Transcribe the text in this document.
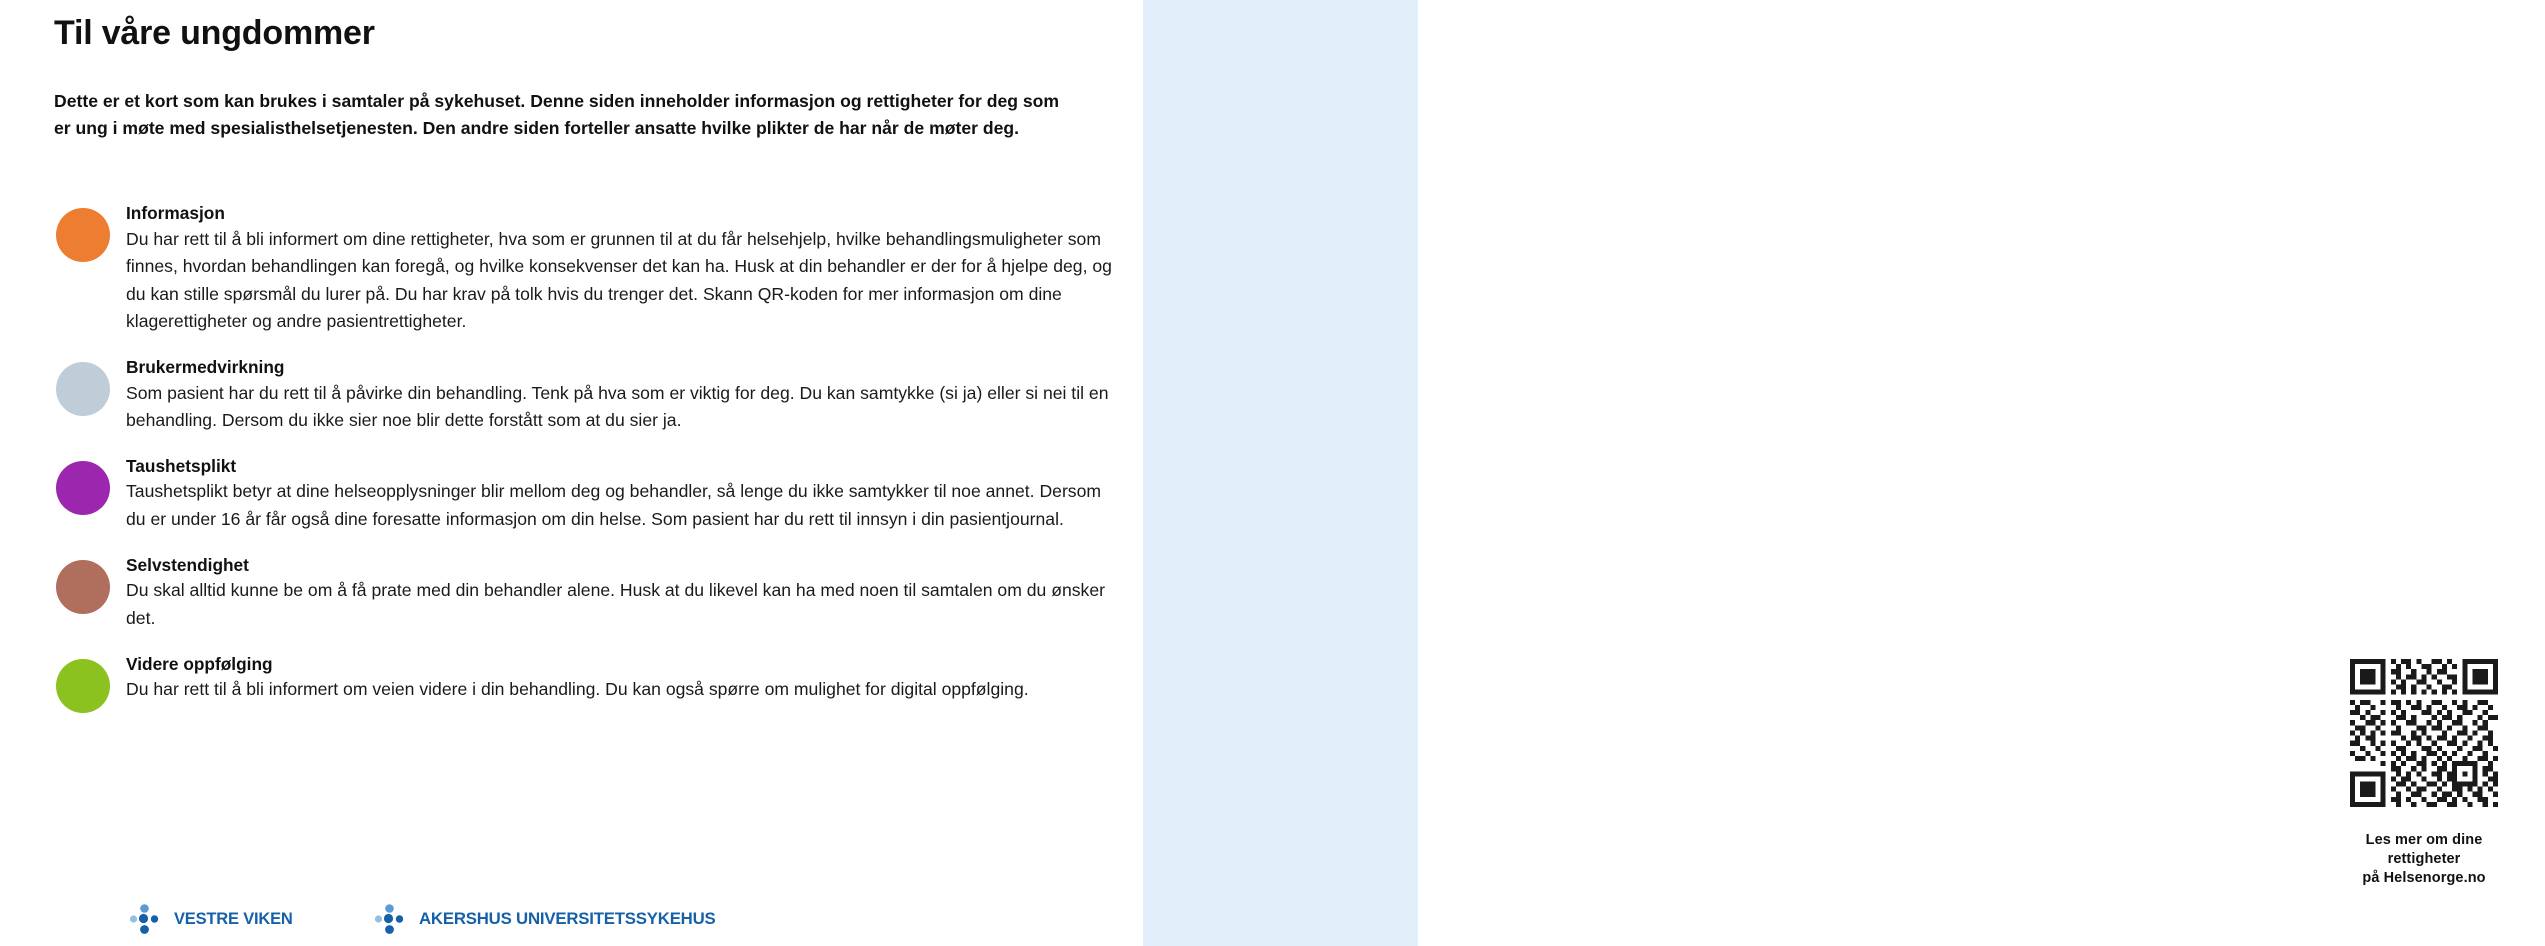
Til våre ungdommer

Dette er et kort som kan brukes i samtaler på sykehuset. Denne siden inneholder informasjon og rettigheter for deg som er ung i møte med spesialisthelsetjenesten. Den andre siden forteller ansatte hvilke plikter de har når de møter deg.

Informasjon
Du har rett til å bli informert om dine rettigheter, hva som er grunnen til at du får helsehjelp, hvilke behandlingsmuligheter som finnes, hvordan behandlingen kan foregå, og hvilke konsekvenser det kan ha. Husk at din behandler er der for å hjelpe deg, og du kan stille spørsmål du lurer på. Du har krav på tolk hvis du trenger det. Skann QR-koden for mer informasjon om dine klagerettigheter og andre pasientrettigheter.
Brukermedvirkning
Som pasient har du rett til å påvirke din behandling. Tenk på hva som er viktig for deg. Du kan samtykke (si ja) eller si nei til en behandling. Dersom du ikke sier noe blir dette forstått som at du sier ja.
Taushetsplikt
Taushetsplikt betyr at dine helseopplysninger blir mellom deg og behandler, så lenge du ikke samtykker til noe annet. Dersom du er under 16 år får også dine foresatte informasjon om din helse. Som pasient har du rett til innsyn i din pasientjournal.
Selvstendighet
Du skal alltid kunne be om å få prate med din behandler alene. Husk at du likevel kan ha med noen til samtalen om du ønsker det.
Videre oppfølging
Du har rett til å bli informert om veien videre i din behandling. Du kan også spørre om mulighet for digital oppfølging.
VESTRE VIKEN	AKERSHUS UNIVERSITETSSYKEHUS
Les mer om dine
rettigheter
på Helsenorge.no
